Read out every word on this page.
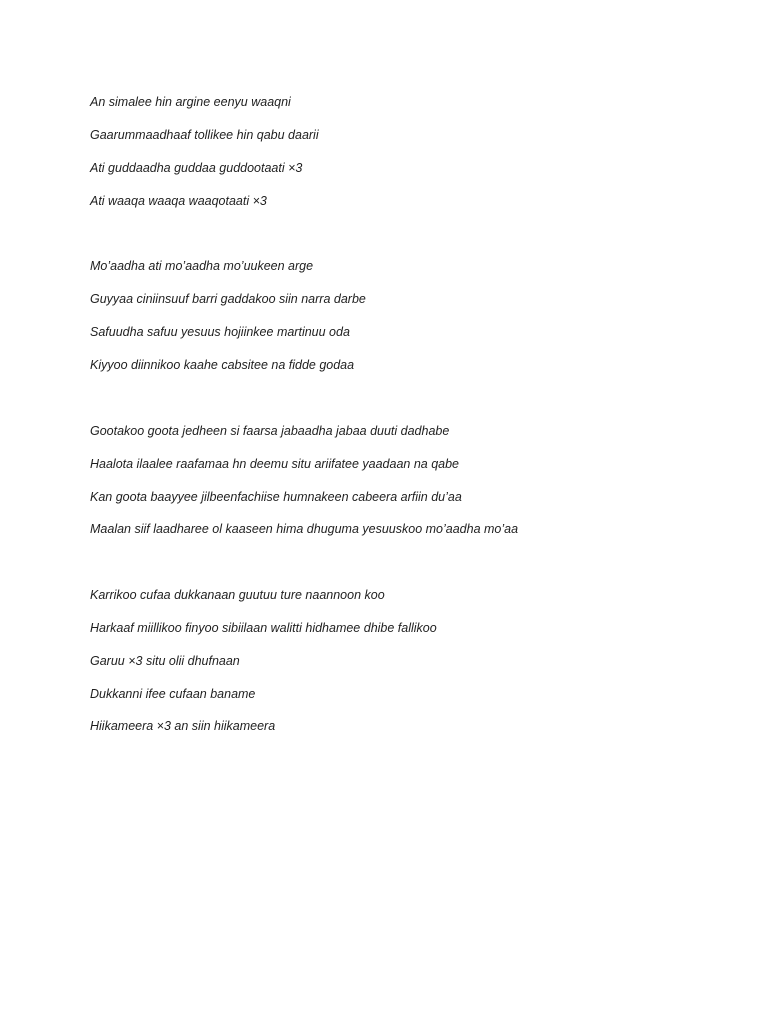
An simalee hin argine eenyu waaqni

Gaarummaadhaaf tollikee hin qabu daarii

Ati guddaadha guddaa guddootaati ×3

Ati waaqa waaqa waaqotaati ×3

Mo’aadha ati mo’aadha mo’uukeen arge

Guyyaa ciniinsuuf barri gaddakoo siin narra darbe

Safuudha safuu yesuus hojiinkee martinuu oda

Kiyyoo diinnikoo kaahe cabsitee na fidde godaa

Gootakoo goota jedheen si faarsa jabaadha jabaa duuti dadhabe

Haalota ilaalee raafamaa hn deemu situ ariifatee yaadaan na qabe

Kan goota baayyee jilbeenfachiise humnakeen cabeera arfiin du’aa

Maalan siif laadharee ol kaaseen hima dhuguma yesuuskoo mo’aadha mo’aa

Karrikoo cufaa dukkanaan guutuu ture naannoon koo

Harkaaf miillikoo finyoo sibiilaan walitti hidhamee dhibe fallikoo

Garuu ×3 situ olii dhufnaan

Dukkanni ifee cufaan baname

Hiikameera ×3 an siin hiikameera
